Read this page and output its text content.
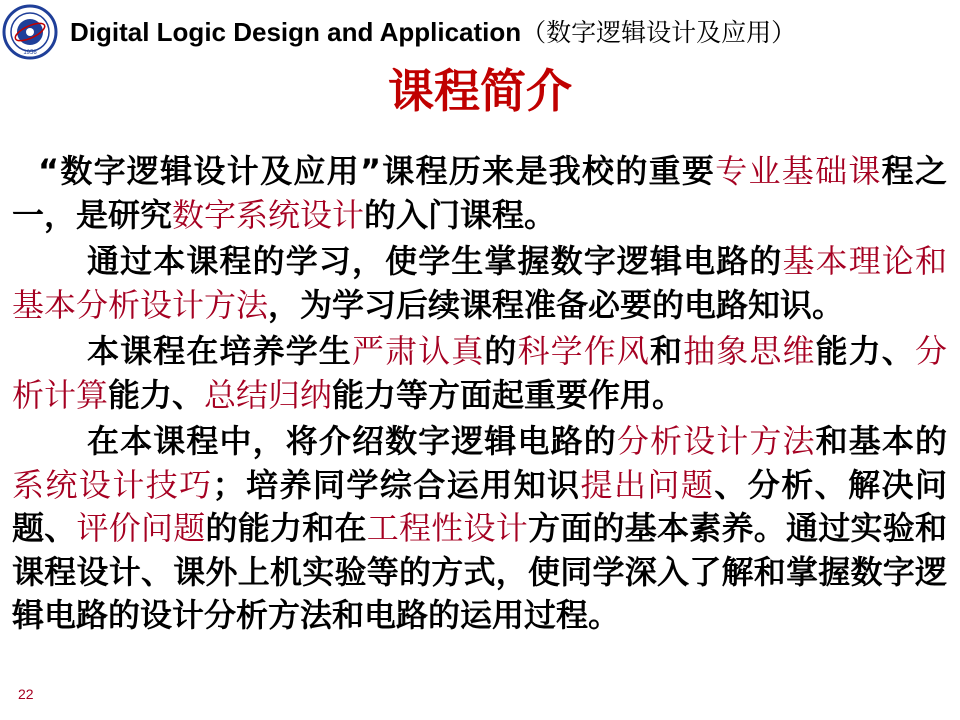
1956
Digital Logic Design and Application（数字逻辑设计及应用）
课程简介

“数字逻辑设计及应用”课程历来是我校的重要专业基础课程之一，是研究数字系统设计的入门课程。

通过本课程的学习，使学生掌握数字逻辑电路的基本理论和基本分析设计方法，为学习后续课程准备必要的电路知识。

本课程在培养学生严肃认真的科学作风和抽象思维能力、分析计算能力、总结归纳能力等方面起重要作用。

在本课程中，将介绍数字逻辑电路的分析设计方法和基本的系统设计技巧；培养同学综合运用知识提出问题、分析、解决问题、评价问题的能力和在工程性设计方面的基本素养。通过实验和课程设计、课外上机实验等的方式，使同学深入了解和掌握数字逻辑电路的设计分析方法和电路的运用过程。

22
